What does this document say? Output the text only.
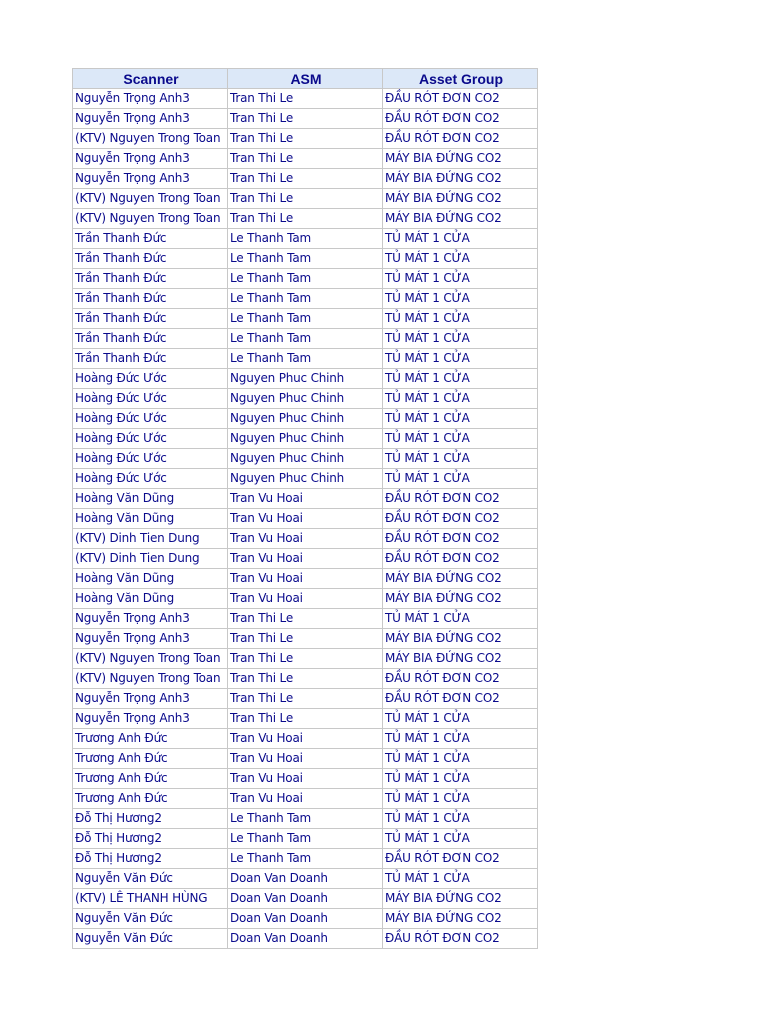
Scanner	ASM	Asset Group
Nguyễn Trọng Anh3	Tran Thi Le	ĐẦU RÓT ĐƠN CO2
Nguyễn Trọng Anh3	Tran Thi Le	ĐẦU RÓT ĐƠN CO2
(KTV) Nguyen Trong Toan	Tran Thi Le	ĐẦU RÓT ĐƠN CO2
Nguyễn Trọng Anh3	Tran Thi Le	MÁY BIA ĐỨNG CO2
Nguyễn Trọng Anh3	Tran Thi Le	MÁY BIA ĐỨNG CO2
(KTV) Nguyen Trong Toan	Tran Thi Le	MÁY BIA ĐỨNG CO2
(KTV) Nguyen Trong Toan	Tran Thi Le	MÁY BIA ĐỨNG CO2
Trần Thanh Đức	Le Thanh Tam	TỦ MÁT 1 CỬA
Trần Thanh Đức	Le Thanh Tam	TỦ MÁT 1 CỬA
Trần Thanh Đức	Le Thanh Tam	TỦ MÁT 1 CỬA
Trần Thanh Đức	Le Thanh Tam	TỦ MÁT 1 CỬA
Trần Thanh Đức	Le Thanh Tam	TỦ MÁT 1 CỬA
Trần Thanh Đức	Le Thanh Tam	TỦ MÁT 1 CỬA
Trần Thanh Đức	Le Thanh Tam	TỦ MÁT 1 CỬA
Hoàng Đức Ước	Nguyen Phuc Chinh	TỦ MÁT 1 CỬA
Hoàng Đức Ước	Nguyen Phuc Chinh	TỦ MÁT 1 CỬA
Hoàng Đức Ước	Nguyen Phuc Chinh	TỦ MÁT 1 CỬA
Hoàng Đức Ước	Nguyen Phuc Chinh	TỦ MÁT 1 CỬA
Hoàng Đức Ước	Nguyen Phuc Chinh	TỦ MÁT 1 CỬA
Hoàng Đức Ước	Nguyen Phuc Chinh	TỦ MÁT 1 CỬA
Hoàng Văn Dũng	Tran Vu Hoai	ĐẦU RÓT ĐƠN CO2
Hoàng Văn Dũng	Tran Vu Hoai	ĐẦU RÓT ĐƠN CO2
(KTV) Dinh Tien Dung	Tran Vu Hoai	ĐẦU RÓT ĐƠN CO2
(KTV) Dinh Tien Dung	Tran Vu Hoai	ĐẦU RÓT ĐƠN CO2
Hoàng Văn Dũng	Tran Vu Hoai	MÁY BIA ĐỨNG CO2
Hoàng Văn Dũng	Tran Vu Hoai	MÁY BIA ĐỨNG CO2
Nguyễn Trọng Anh3	Tran Thi Le	TỦ MÁT 1 CỬA
Nguyễn Trọng Anh3	Tran Thi Le	MÁY BIA ĐỨNG CO2
(KTV) Nguyen Trong Toan	Tran Thi Le	MÁY BIA ĐỨNG CO2
(KTV) Nguyen Trong Toan	Tran Thi Le	ĐẦU RÓT ĐƠN CO2
Nguyễn Trọng Anh3	Tran Thi Le	ĐẦU RÓT ĐƠN CO2
Nguyễn Trọng Anh3	Tran Thi Le	TỦ MÁT 1 CỬA
Trương Anh Đức	Tran Vu Hoai	TỦ MÁT 1 CỬA
Trương Anh Đức	Tran Vu Hoai	TỦ MÁT 1 CỬA
Trương Anh Đức	Tran Vu Hoai	TỦ MÁT 1 CỬA
Trương Anh Đức	Tran Vu Hoai	TỦ MÁT 1 CỬA
Đỗ Thị Hương2	Le Thanh Tam	TỦ MÁT 1 CỬA
Đỗ Thị Hương2	Le Thanh Tam	TỦ MÁT 1 CỬA
Đỗ Thị Hương2	Le Thanh Tam	ĐẦU RÓT ĐƠN CO2
Nguyễn Văn Đức	Doan Van Doanh	TỦ MÁT 1 CỬA
(KTV) LÊ THANH HÙNG	Doan Van Doanh	MÁY BIA ĐỨNG CO2
Nguyễn Văn Đức	Doan Van Doanh	MÁY BIA ĐỨNG CO2
Nguyễn Văn Đức	Doan Van Doanh	ĐẦU RÓT ĐƠN CO2
